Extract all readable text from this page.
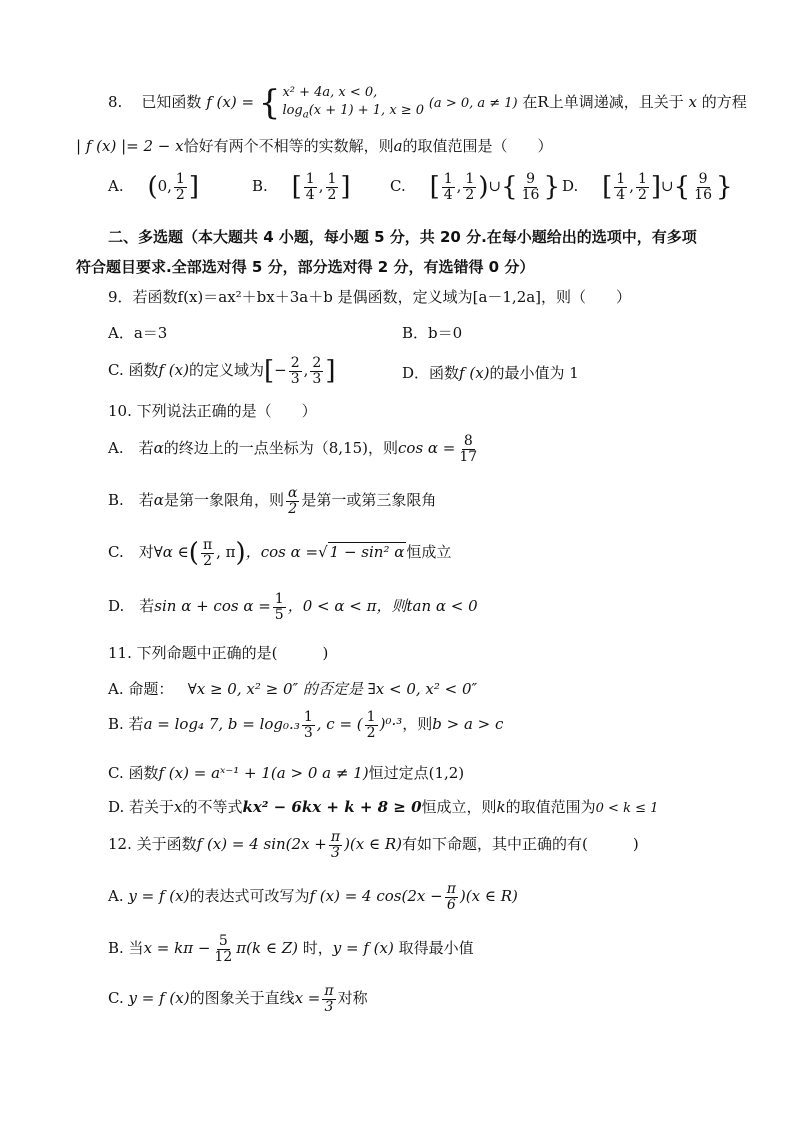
8. 已知函数 f (x) = { x² + 4a, x < 0,
$\log_a(x + 1) + 1$, x ≥ 0 (a > 0, a ≠ 1) 在R上单调递减，且关于 x 的方程
| f (x) |= 2 − x恰好有两个不相等的实数解，则a的取值范围是（　　）
A. (0, $\frac{1}{2}$ ]	B. [ $\frac{1}{4}$ , $\frac{1}{2}$ ]	C. [ $\frac{1}{4}$ , $\frac{1}{2}$ )∪{ $\frac{9}{16}$ } D. [ $\frac{1}{4}$ , $\frac{1}{2}$ ]∪{ $\frac{9}{16}$ }
二、多选题（本大题共 4 小题，每小题 5 分，共 20 分.在每小题给出的选项中，有多项
符合题目要求.全部选对得 5 分，部分选对得 2 分，有选错得 0 分）
9．若函数f(x)＝ax²＋bx＋3a＋b 是偶函数，定义域为[a－1,2a]，则（　　）
A．a＝3	B．b＝0
C. 函数f (x)的定义域为[− $\frac{2}{3}$ , $\frac{2}{3}$ ]	D．函数f (x)的最小值为 1
10. 下列说法正确的是（　　）
A.　若α的终边上的一点坐标为（8,15)，则$\cos \alpha = \frac{8}{17}$
B.　若α是第一象限角，则 $\frac{\alpha}{2}$ 是第一或第三象限角
C.　对∀α ∈( $\frac{\pi}{2}$ , π)，cos α =√ 1 − sin² α 恒成立
D.　若$\sin \alpha + \cos \alpha = \frac{1}{5}$ ，0 < α < π，则tan α < 0
11. 下列命题中正确的是(　　　)
A. 命题： ∀x ≥ 0, x² ≥ 0″ 的否定是 ∃x < 0, x² < 0″
B. 若a = log₄ 7, $b = \log_0._3 \frac{1}{3}$ , c = ( $\frac{1}{2} )^0\cdot^3$，则b > a > c
C. 函数f (x) = aˣ⁻¹ + 1(a > 0 a ≠ 1)恒过定点(1,2)
D. 若关于x的不等式kx² − 6kx + k + 8 ≥ 0恒成立，则k的取值范围为0 < k ≤ 1
12. 关于函数f (x) = 4 $\sin(2x + \frac{\pi}{3} )(x$ ∈ R)有如下命题，其中正确的有(　　　)
A. y = f (x)的表达式可改写为f (x) = 4 $\cos(2x - \frac{\pi}{6} )(x$ ∈ R)
B. 当$x = k\pi - \frac{5}{12} \pi(k$ ∈ Z) 时，y = f (x) 取得最小值
C. y = f (x)的图象关于直线$x = \frac{\pi}{3}$ 对称
